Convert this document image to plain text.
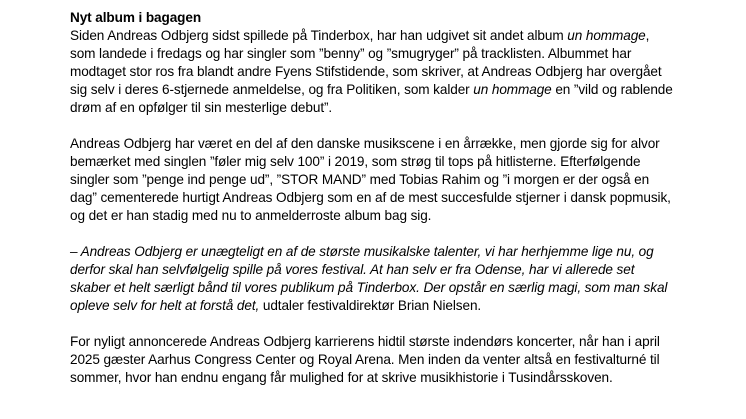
Nyt album i bagagen
Siden Andreas Odbjerg sidst spillede på Tinderbox, har han udgivet sit andet album un hommage, som landede i fredags og har singler som ”benny” og ”smugryger” på tracklisten. Albummet har modtaget stor ros fra blandt andre Fyens Stifstidende, som skriver, at Andreas Odbjerg har overgået sig selv i deres 6-stjernede anmeldelse, og fra Politiken, som kalder un hommage en ”vild og rablende drøm af en opfølger til sin mesterlige debut”.

Andreas Odbjerg har været en del af den danske musikscene i en årrække, men gjorde sig for alvor bemærket med singlen ”føler mig selv 100” i 2019, som strøg til tops på hitlisterne. Efterfølgende singler som ”penge ind penge ud”, ”STOR MAND” med Tobias Rahim og ”i morgen er der også en dag” cementerede hurtigt Andreas Odbjerg som en af de mest succesfulde stjerner i dansk popmusik, og det er han stadig med nu to anmelderroste album bag sig.

– Andreas Odbjerg er unægteligt en af de største musikalske talenter, vi har herhjemme lige nu, og derfor skal han selvfølgelig spille på vores festival. At han selv er fra Odense, har vi allerede set skaber et helt særligt bånd til vores publikum på Tinderbox. Der opstår en særlig magi, som man skal opleve selv for helt at forstå det, udtaler festivaldirektør Brian Nielsen.

For nyligt annoncerede Andreas Odbjerg karrierens hidtil største indendørs koncerter, når han i april 2025 gæster Aarhus Congress Center og Royal Arena. Men inden da venter altså en festivalturné til sommer, hvor han endnu engang får mulighed for at skrive musikhistorie i Tusindårsskoven.
